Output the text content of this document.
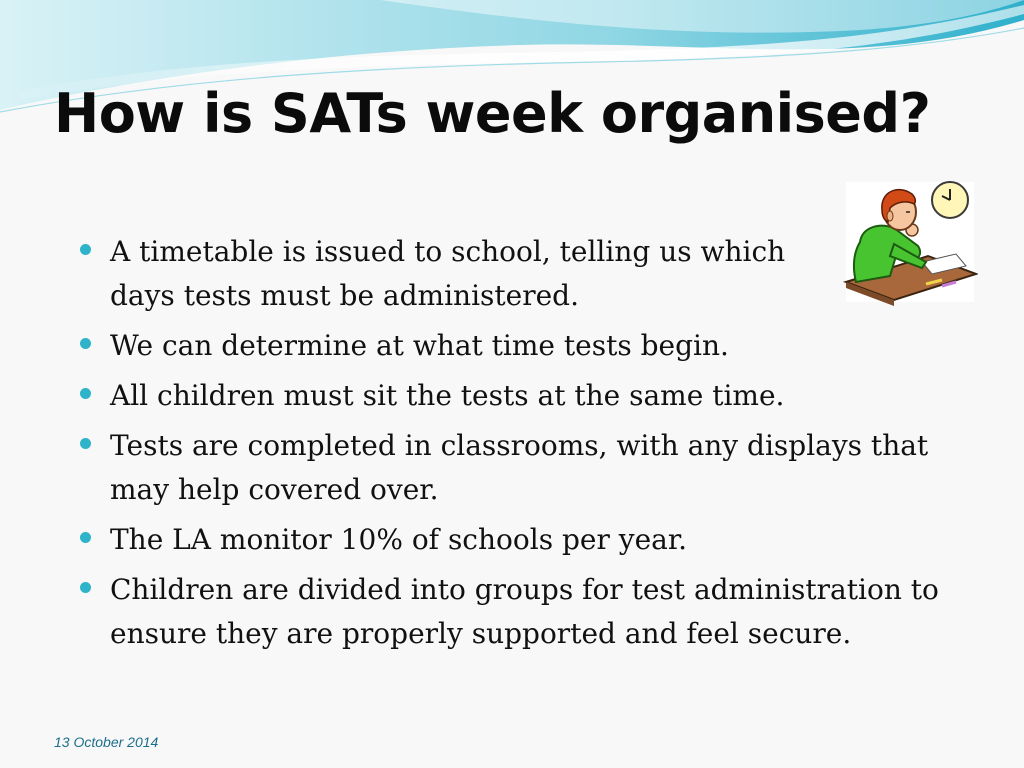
How is SATs week organised?
A timetable is issued to school, telling us which days tests must be administered.
We can determine at what time tests begin.
All children must sit the tests at the same time.
Tests are completed in classrooms, with any displays that may help covered over.
The LA monitor 10% of schools per year.
Children are divided into groups for test administration to ensure they are properly supported and feel secure.
13 October 2014
